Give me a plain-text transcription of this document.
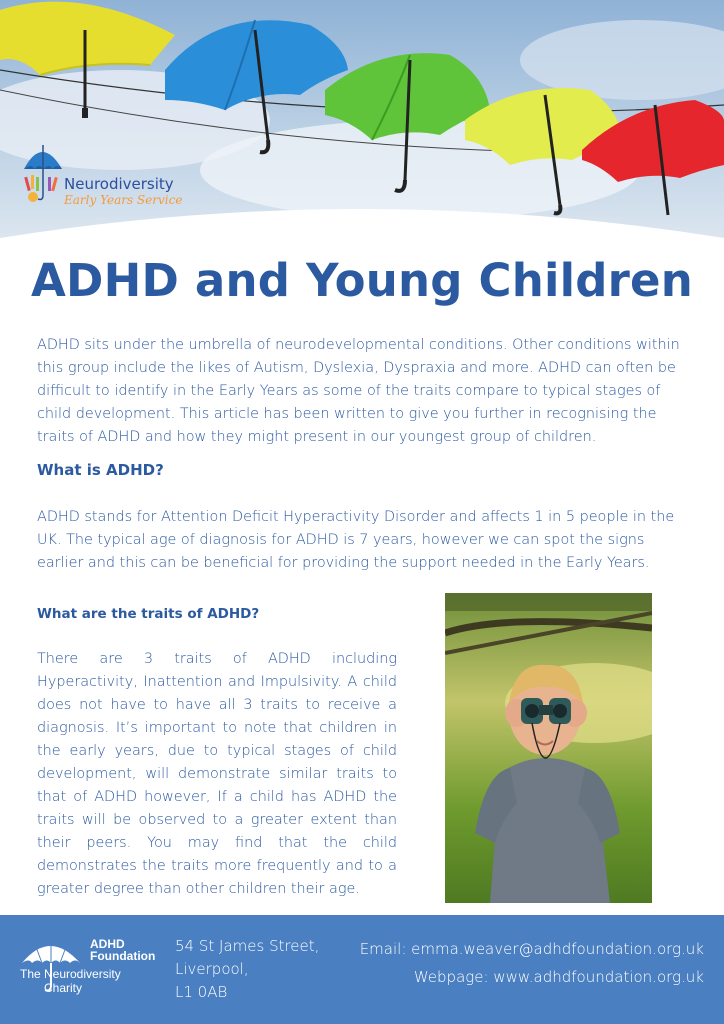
Neurodiversity
Early Years Service
ADHD and Young Children

ADHD sits under the umbrella of neurodevelopmental conditions. Other conditions within this group include the likes of Autism, Dyslexia, Dyspraxia and more. ADHD can often be difficult to identify in the Early Years as some of the traits compare to typical stages of child development. This article has been written to give you further in recognising the traits of ADHD and how they might present in our youngest group of children.

What is ADHD?

ADHD stands for Attention Deficit Hyperactivity Disorder and affects 1 in 5 people in the UK. The typical age of diagnosis for ADHD is 7 years, however we can spot the signs earlier and this can be beneficial for providing the support needed in the Early Years.

What are the traits of ADHD?

There are 3 traits of ADHD including Hyperactivity, Inattention and Impulsivity. A child does not have to have all 3 traits to receive a diagnosis. It’s important to note that children in the early years, due to typical stages of child development, will demonstrate similar traits to that of ADHD however, If a child has ADHD the traits will be observed to a greater extent than their peers. You may find that the child demonstrates the traits more frequently and to a greater degree than other children their age.

ADHD
Foundation
The Neurodiversity
Charity
54 St James Street,
Liverpool,
L1 0AB
Email: emma.weaver@adhdfoundation.org.uk
Webpage: www.adhdfoundation.org.uk
